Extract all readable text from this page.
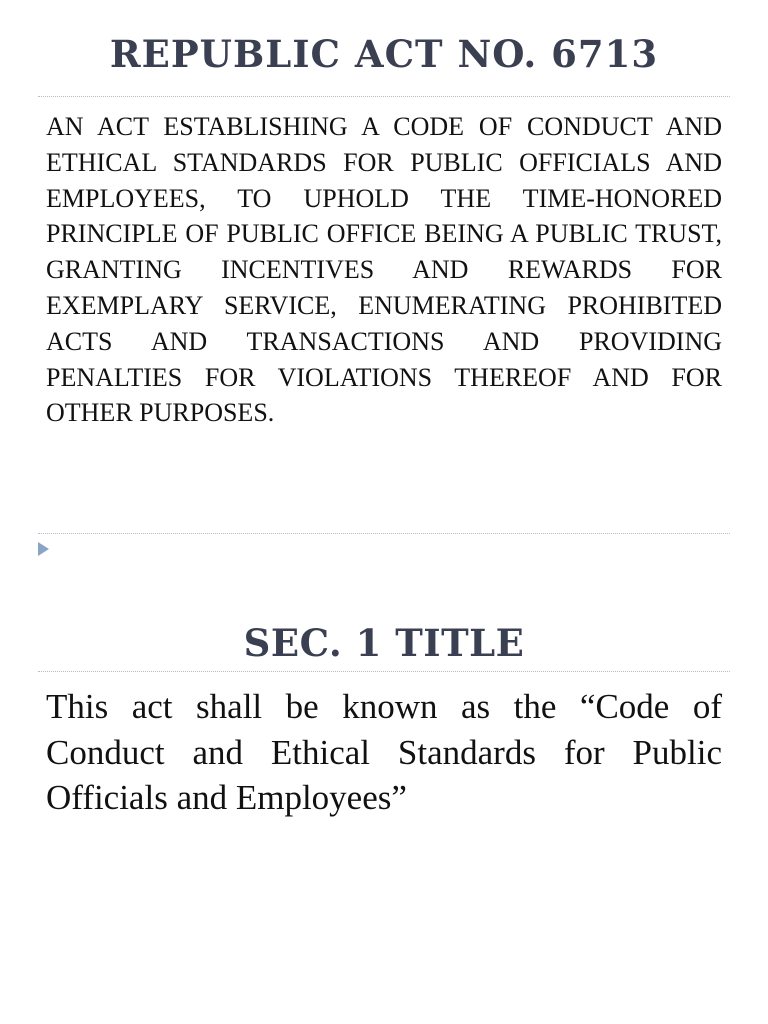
REPUBLIC ACT NO. 6713

AN ACT ESTABLISHING A CODE OF CONDUCT AND ETHICAL STANDARDS FOR PUBLIC OFFICIALS AND EMPLOYEES, TO UPHOLD THE TIME-HONORED PRINCIPLE OF PUBLIC OFFICE BEING A PUBLIC TRUST, GRANTING INCENTIVES AND REWARDS FOR EXEMPLARY SERVICE, ENUMERATING PROHIBITED ACTS AND TRANSACTIONS AND PROVIDING PENALTIES FOR VIOLATIONS THEREOF AND FOR OTHER PURPOSES.

SEC. 1 TITLE

This act shall be known as the “Code of Conduct and Ethical Standards for Public Officials and Employees”
